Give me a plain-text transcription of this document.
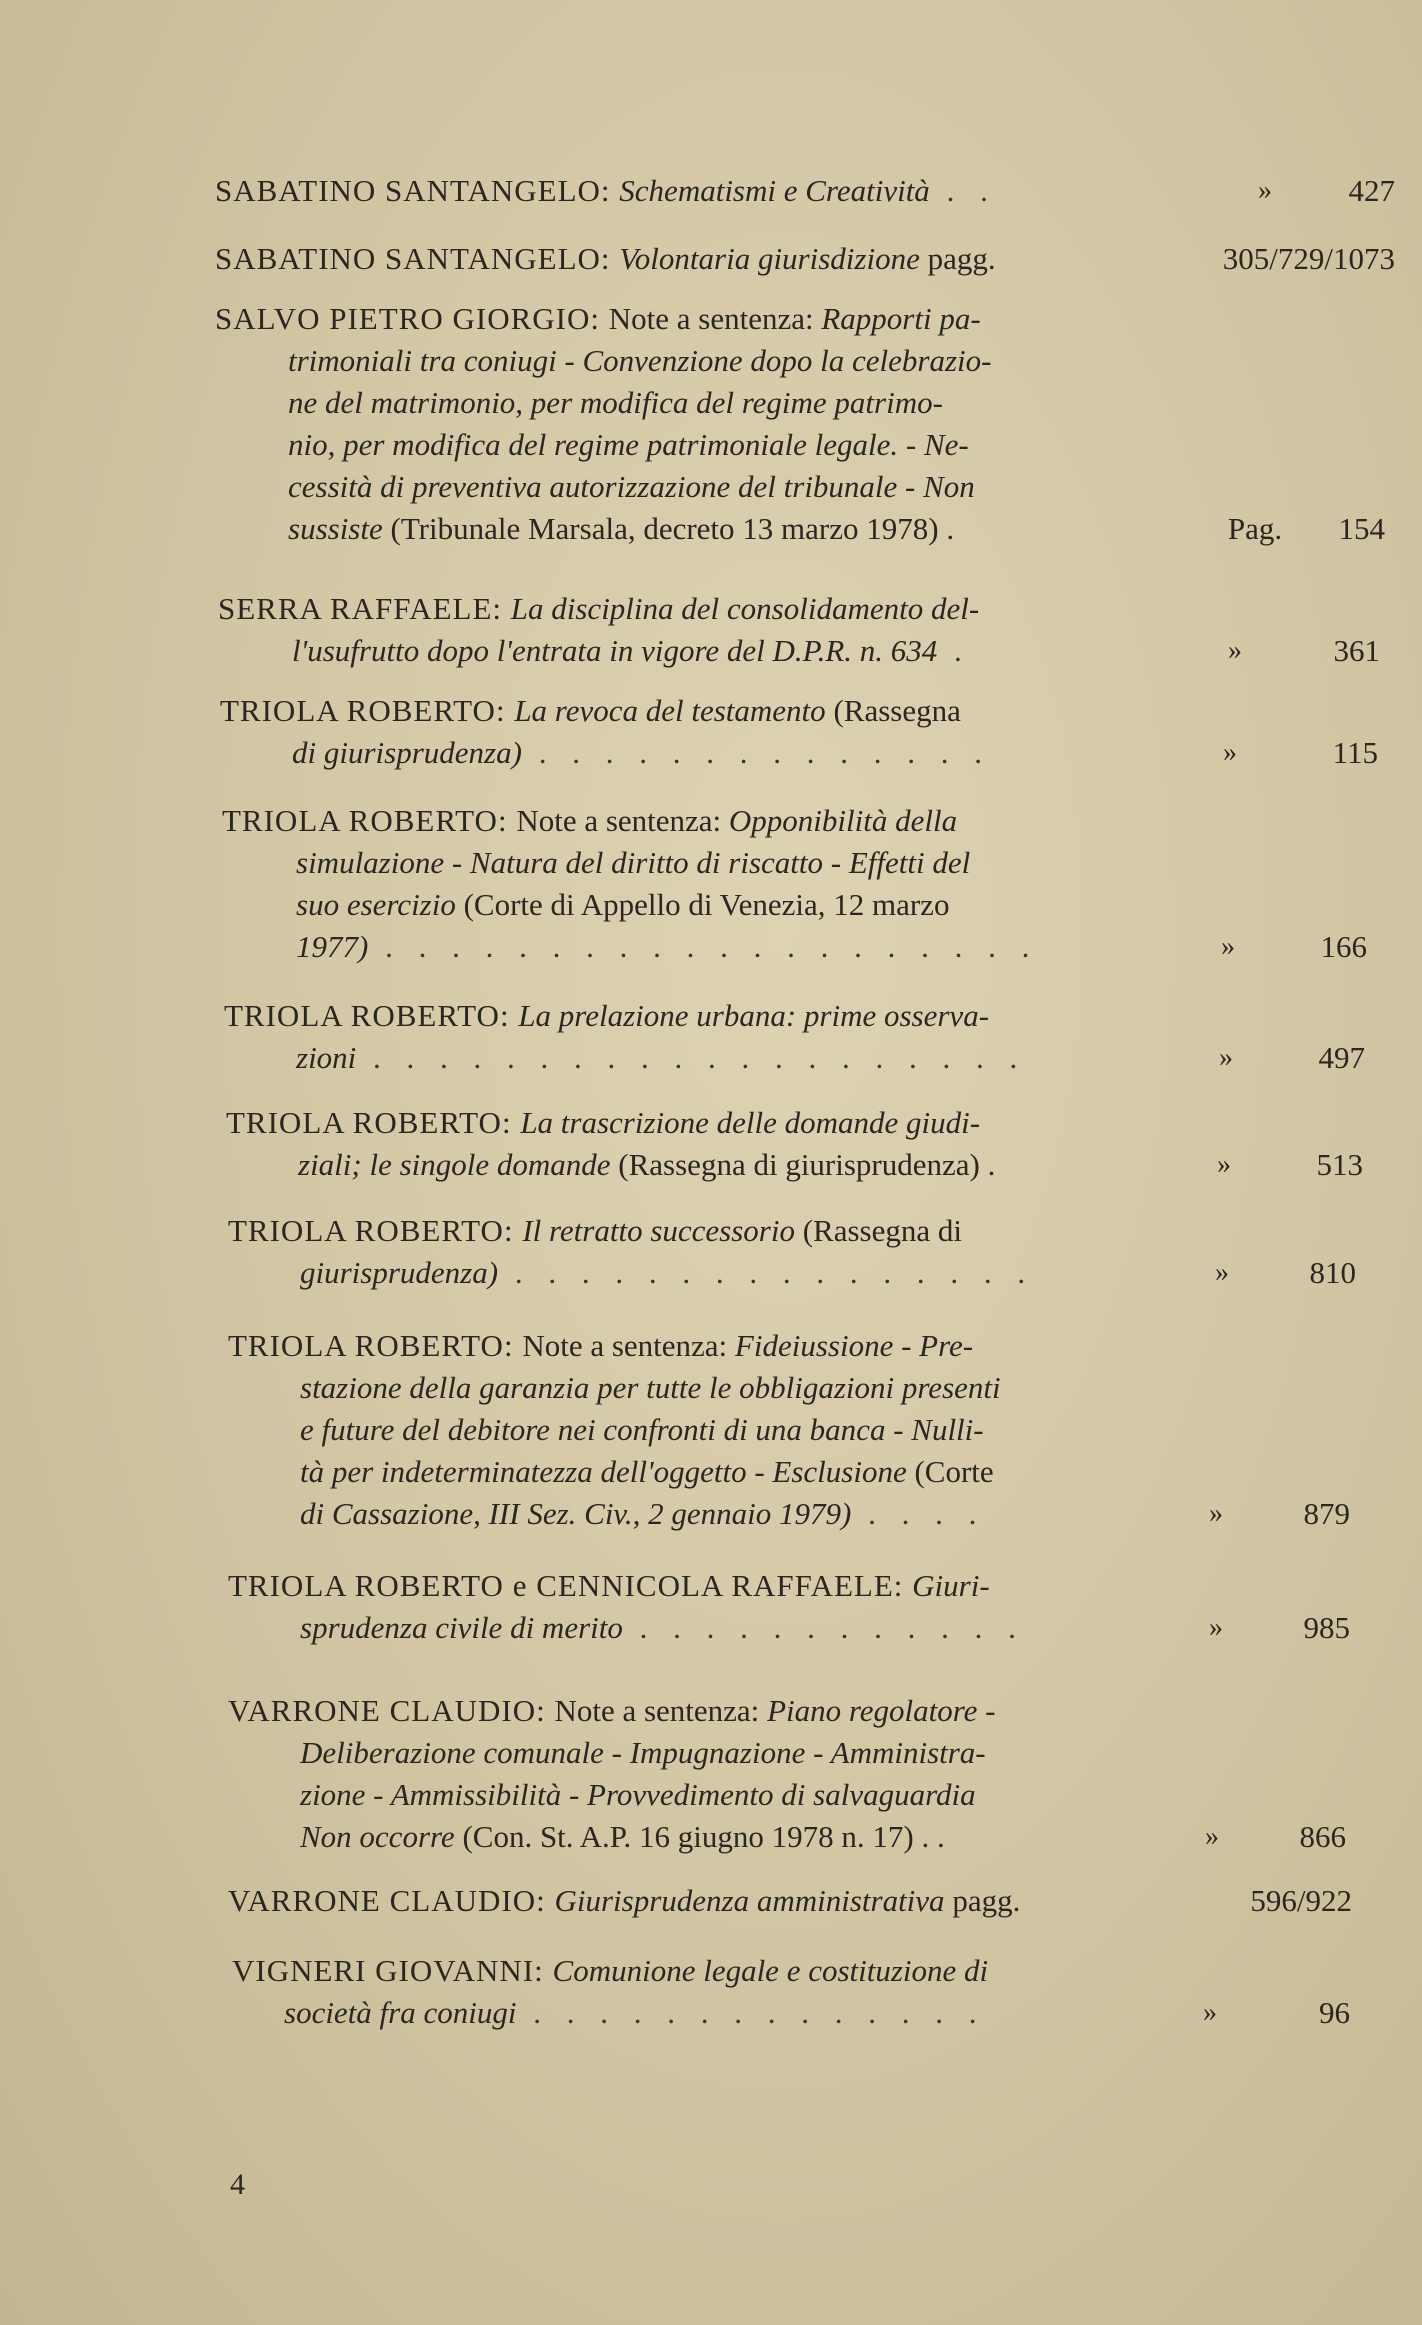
SABATINO SANTANGELO: Schematismi e Creatività . .	»	427
SABATINO SANTANGELO: Volontaria giurisdizione pagg.	305/729/1073
SALVO PIETRO GIORGIO: Note a sentenza: Rapporti pa-
trimoniali tra coniugi - Convenzione dopo la celebrazio-
ne del matrimonio, per modifica del regime patrimo-
nio, per modifica del regime patrimoniale legale. - Ne-
cessità di preventiva autorizzazione del tribunale - Non
sussiste (Tribunale Marsala, decreto 13 marzo 1978) .	Pag.	154
SERRA RAFFAELE: La disciplina del consolidamento del-
l'usufrutto dopo l'entrata in vigore del D.P.R. n. 634 .	»	361
TRIOLA ROBERTO: La revoca del testamento (Rassegna
di giurisprudenza) . . . . . . . . . . . . . .	»	115
TRIOLA ROBERTO: Note a sentenza: Opponibilità della
simulazione - Natura del diritto di riscatto - Effetti del
suo esercizio (Corte di Appello di Venezia, 12 marzo
1977) . . . . . . . . . . . . . . . . . . . .	»	166
TRIOLA ROBERTO: La prelazione urbana: prime osserva-
zioni . . . . . . . . . . . . . . . . . . . .	»	497
TRIOLA ROBERTO: La trascrizione delle domande giudi-
ziali; le singole domande (Rassegna di giurisprudenza) .	»	513
TRIOLA ROBERTO: Il retratto successorio (Rassegna di
giurisprudenza) . . . . . . . . . . . . . . . .	»	810
TRIOLA ROBERTO: Note a sentenza: Fideiussione - Pre-
stazione della garanzia per tutte le obbligazioni presenti
e future del debitore nei confronti di una banca - Nulli-
tà per indeterminatezza dell'oggetto - Esclusione (Corte
di Cassazione, III Sez. Civ., 2 gennaio 1979) . . . .	»	879
TRIOLA ROBERTO e CENNICOLA RAFFAELE: Giuri-
sprudenza civile di merito . . . . . . . . . . . .	»	985
VARRONE CLAUDIO: Note a sentenza: Piano regolatore -
Deliberazione comunale - Impugnazione - Amministra-
zione - Ammissibilità - Provvedimento di salvaguardia
Non occorre (Con. St. A.P. 16 giugno 1978 n. 17) . .	»	866
VARRONE CLAUDIO: Giurisprudenza amministrativa pagg.	596/922
VIGNERI GIOVANNI: Comunione legale e costituzione di
società fra coniugi . . . . . . . . . . . . . .	»	96
4
